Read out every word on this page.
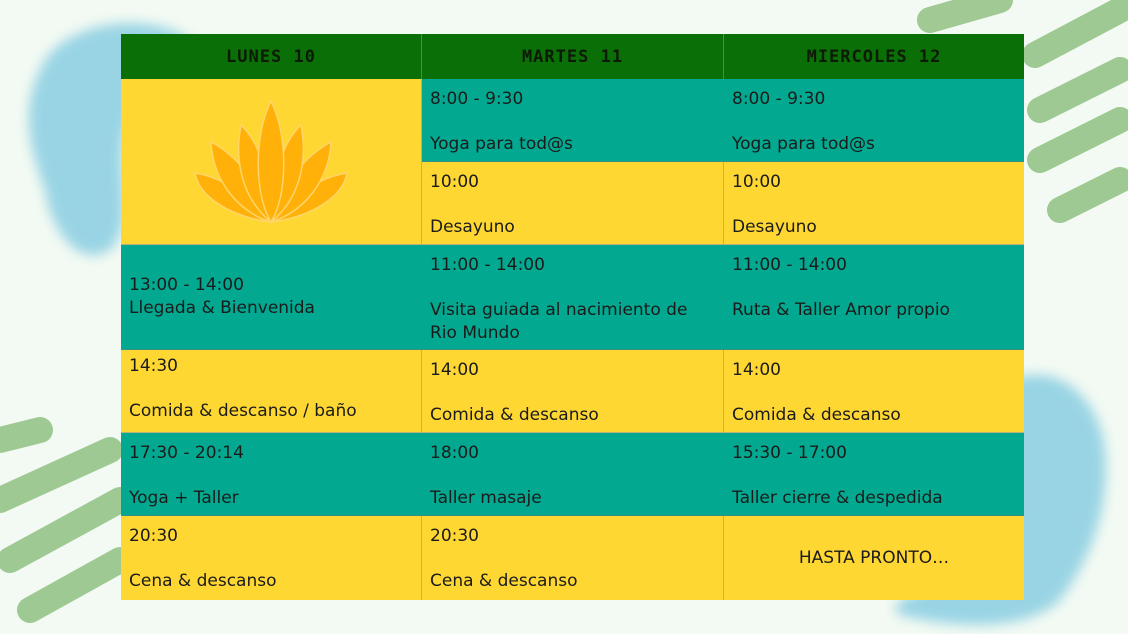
LUNES 10	MARTES 11	MIERCOLES 12
13:00 - 14:00
Llegada & Bienvenida
14:30
Comida & descanso / baño
17:30 - 20:14
Yoga + Taller
20:30
Cena & descanso
8:00 - 9:30
Yoga para tod@s
10:00
Desayuno
11:00 - 14:00
Visita guiada al nacimiento de Rio Mundo
14:00
Comida & descanso
18:00
Taller masaje
20:30
Cena & descanso
8:00 - 9:30
Yoga para tod@s
10:00
Desayuno
11:00 - 14:00
Ruta & Taller Amor propio
14:00
Comida & descanso
15:30 - 17:00
Taller cierre & despedida
HASTA PRONTO…
